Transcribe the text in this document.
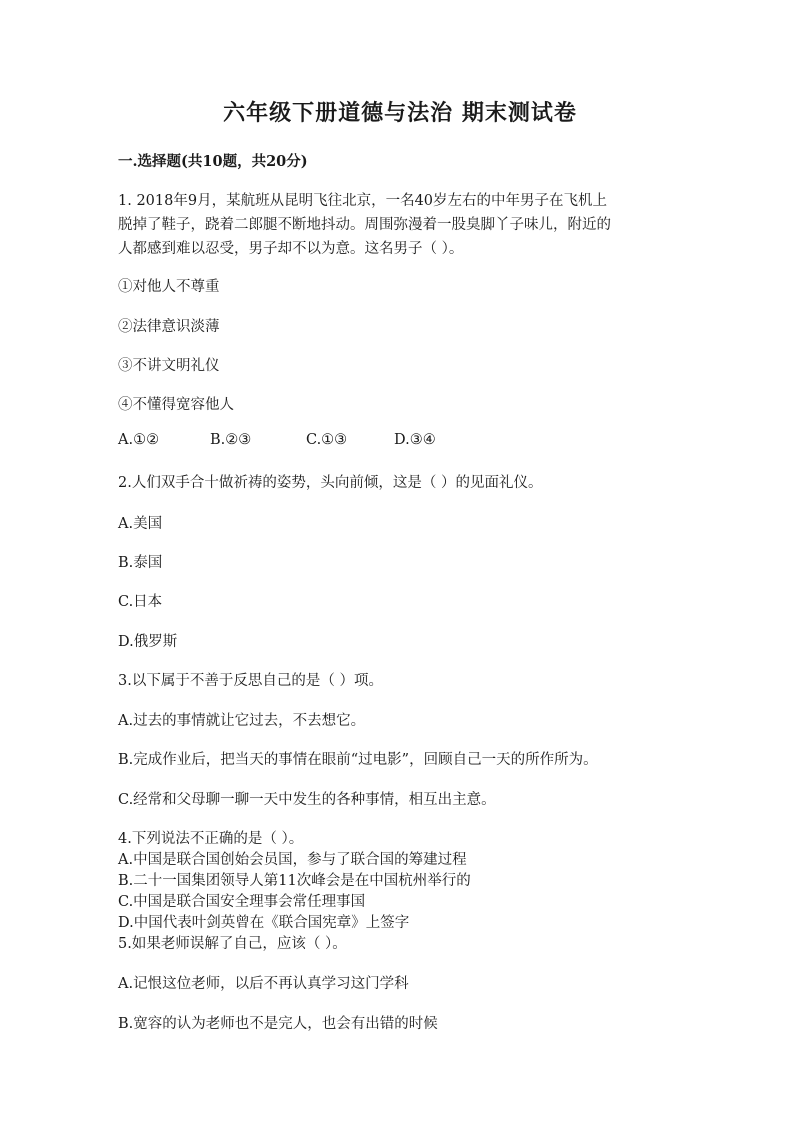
六年级下册道德与法治 期末测试卷
一.选择题(共10题，共20分)
1. 2018年9月，某航班从昆明飞往北京，一名40岁左右的中年男子在飞机上
脱掉了鞋子，跷着二郎腿不断地抖动。周围弥漫着一股臭脚丫子味儿，附近的
人都感到难以忍受，男子却不以为意。这名男子（ ）。
①对他人不尊重
②法律意识淡薄
③不讲文明礼仪
④不懂得宽容他人
A.①②	B.②③	C.①③	D.③④
2.人们双手合十做祈祷的姿势，头向前倾，这是（ ）的见面礼仪。
A.美国
B.泰国
C.日本
D.俄罗斯
3.以下属于不善于反思自己的是（ ）项。
A.过去的事情就让它过去，不去想它。
B.完成作业后，把当天的事情在眼前“过电影”，回顾自己一天的所作所为。
C.经常和父母聊一聊一天中发生的各种事情，相互出主意。
4.下列说法不正确的是（ ）。
A.中国是联合国创始会员国，参与了联合国的筹建过程
B.二十一国集团领导人第11次峰会是在中国杭州举行的
C.中国是联合国安全理事会常任理事国
D.中国代表叶剑英曾在《联合国宪章》上签字
5.如果老师误解了自己，应该（ ）。
A.记恨这位老师，以后不再认真学习这门学科
B.宽容的认为老师也不是完人，也会有出错的时候
